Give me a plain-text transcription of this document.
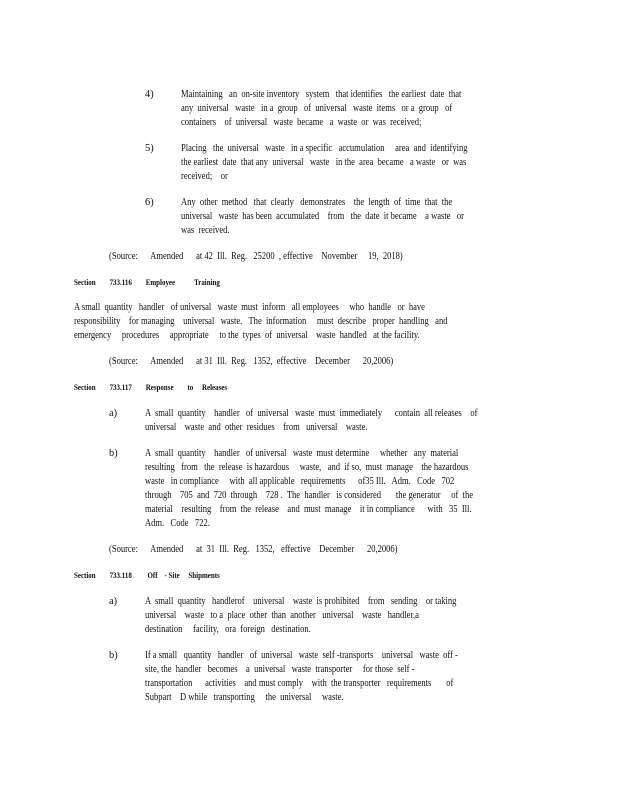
4)	Maintaining   an  on-site inventory   system   that identifies   the earliest  date  that
any  universal   waste   in a  group   of  universal   waste  items   or a  group   of
containers    of  universal   waste  became   a  waste  or  was  received;
5)	Placing   the  universal   waste   in a specific   accumulation     area  and  identifying
the earliest  date  that any  universal   waste   in the  area  became   a waste   or  was
received;    or
6)	Any  other  method   that  clearly   demonstrates    the  length  of  time  that  the
universal   waste  has been  accumulated    from   the  date  it became    a waste   or
was  received.
(Source:      Amended      at 42  Ill.  Reg.   25200  , effective    November     19,  2018)
Section        733.116        Employee           Training
A small  quantity   handler   of universal   waste  must  inform   all employees     who  handle   or  have
responsibility    for managing    universal   waste.   The  information     must  describe   proper  handling   and
emergency     procedures     appropriate     to the  types  of  universal    waste  handled   at the facility.
(Source:      Amended      at 31  Ill.  Reg.   1352,  effective    December      20,2006)
Section        733.117        Response        to     Releases
a)	A  small  quantity    handler   of  universal   waste  must  immediately      contain  all releases    of
universal    waste  and  other  residues    from   universal    waste.
b)	A  small  quantity    handler   of universal   waste  must determine     whether   any  material
resulting   from   the  release  is hazardous     waste,   and  if so,  must  manage    the hazardous
waste   in compliance     with  all applicable   requirements      of35 Ill.   Adm.   Code   702
through    705  and  720  through    728 .  The  handler   is considered       the generator     of  the
material    resulting    from  the  release    and  must  manage    it in compliance      with   35  Ill.
Adm.   Code   722.
(Source:      Amended      at  31  Ill.  Reg.   1352,   effective    December      20,2006)
Section        733.118         Off    - Site     Shipments
a)	A  small  quantity   handlerof    universal    waste  is prohibited    from   sending    or taking
universal    waste   to a  place  other  than  another   universal    waste   handler,a
destination     facility,   ora  foreign   destination.
b)	If a small   quantity   handler   of  universal   waste  self -transports    universal   waste  off -
site, the  handler   becomes    a  universal   waste  transporter     for those  self -
transportation      activities    and must comply    with  the transporter   requirements       of
Subpart    D while   transporting     the  universal     waste.
